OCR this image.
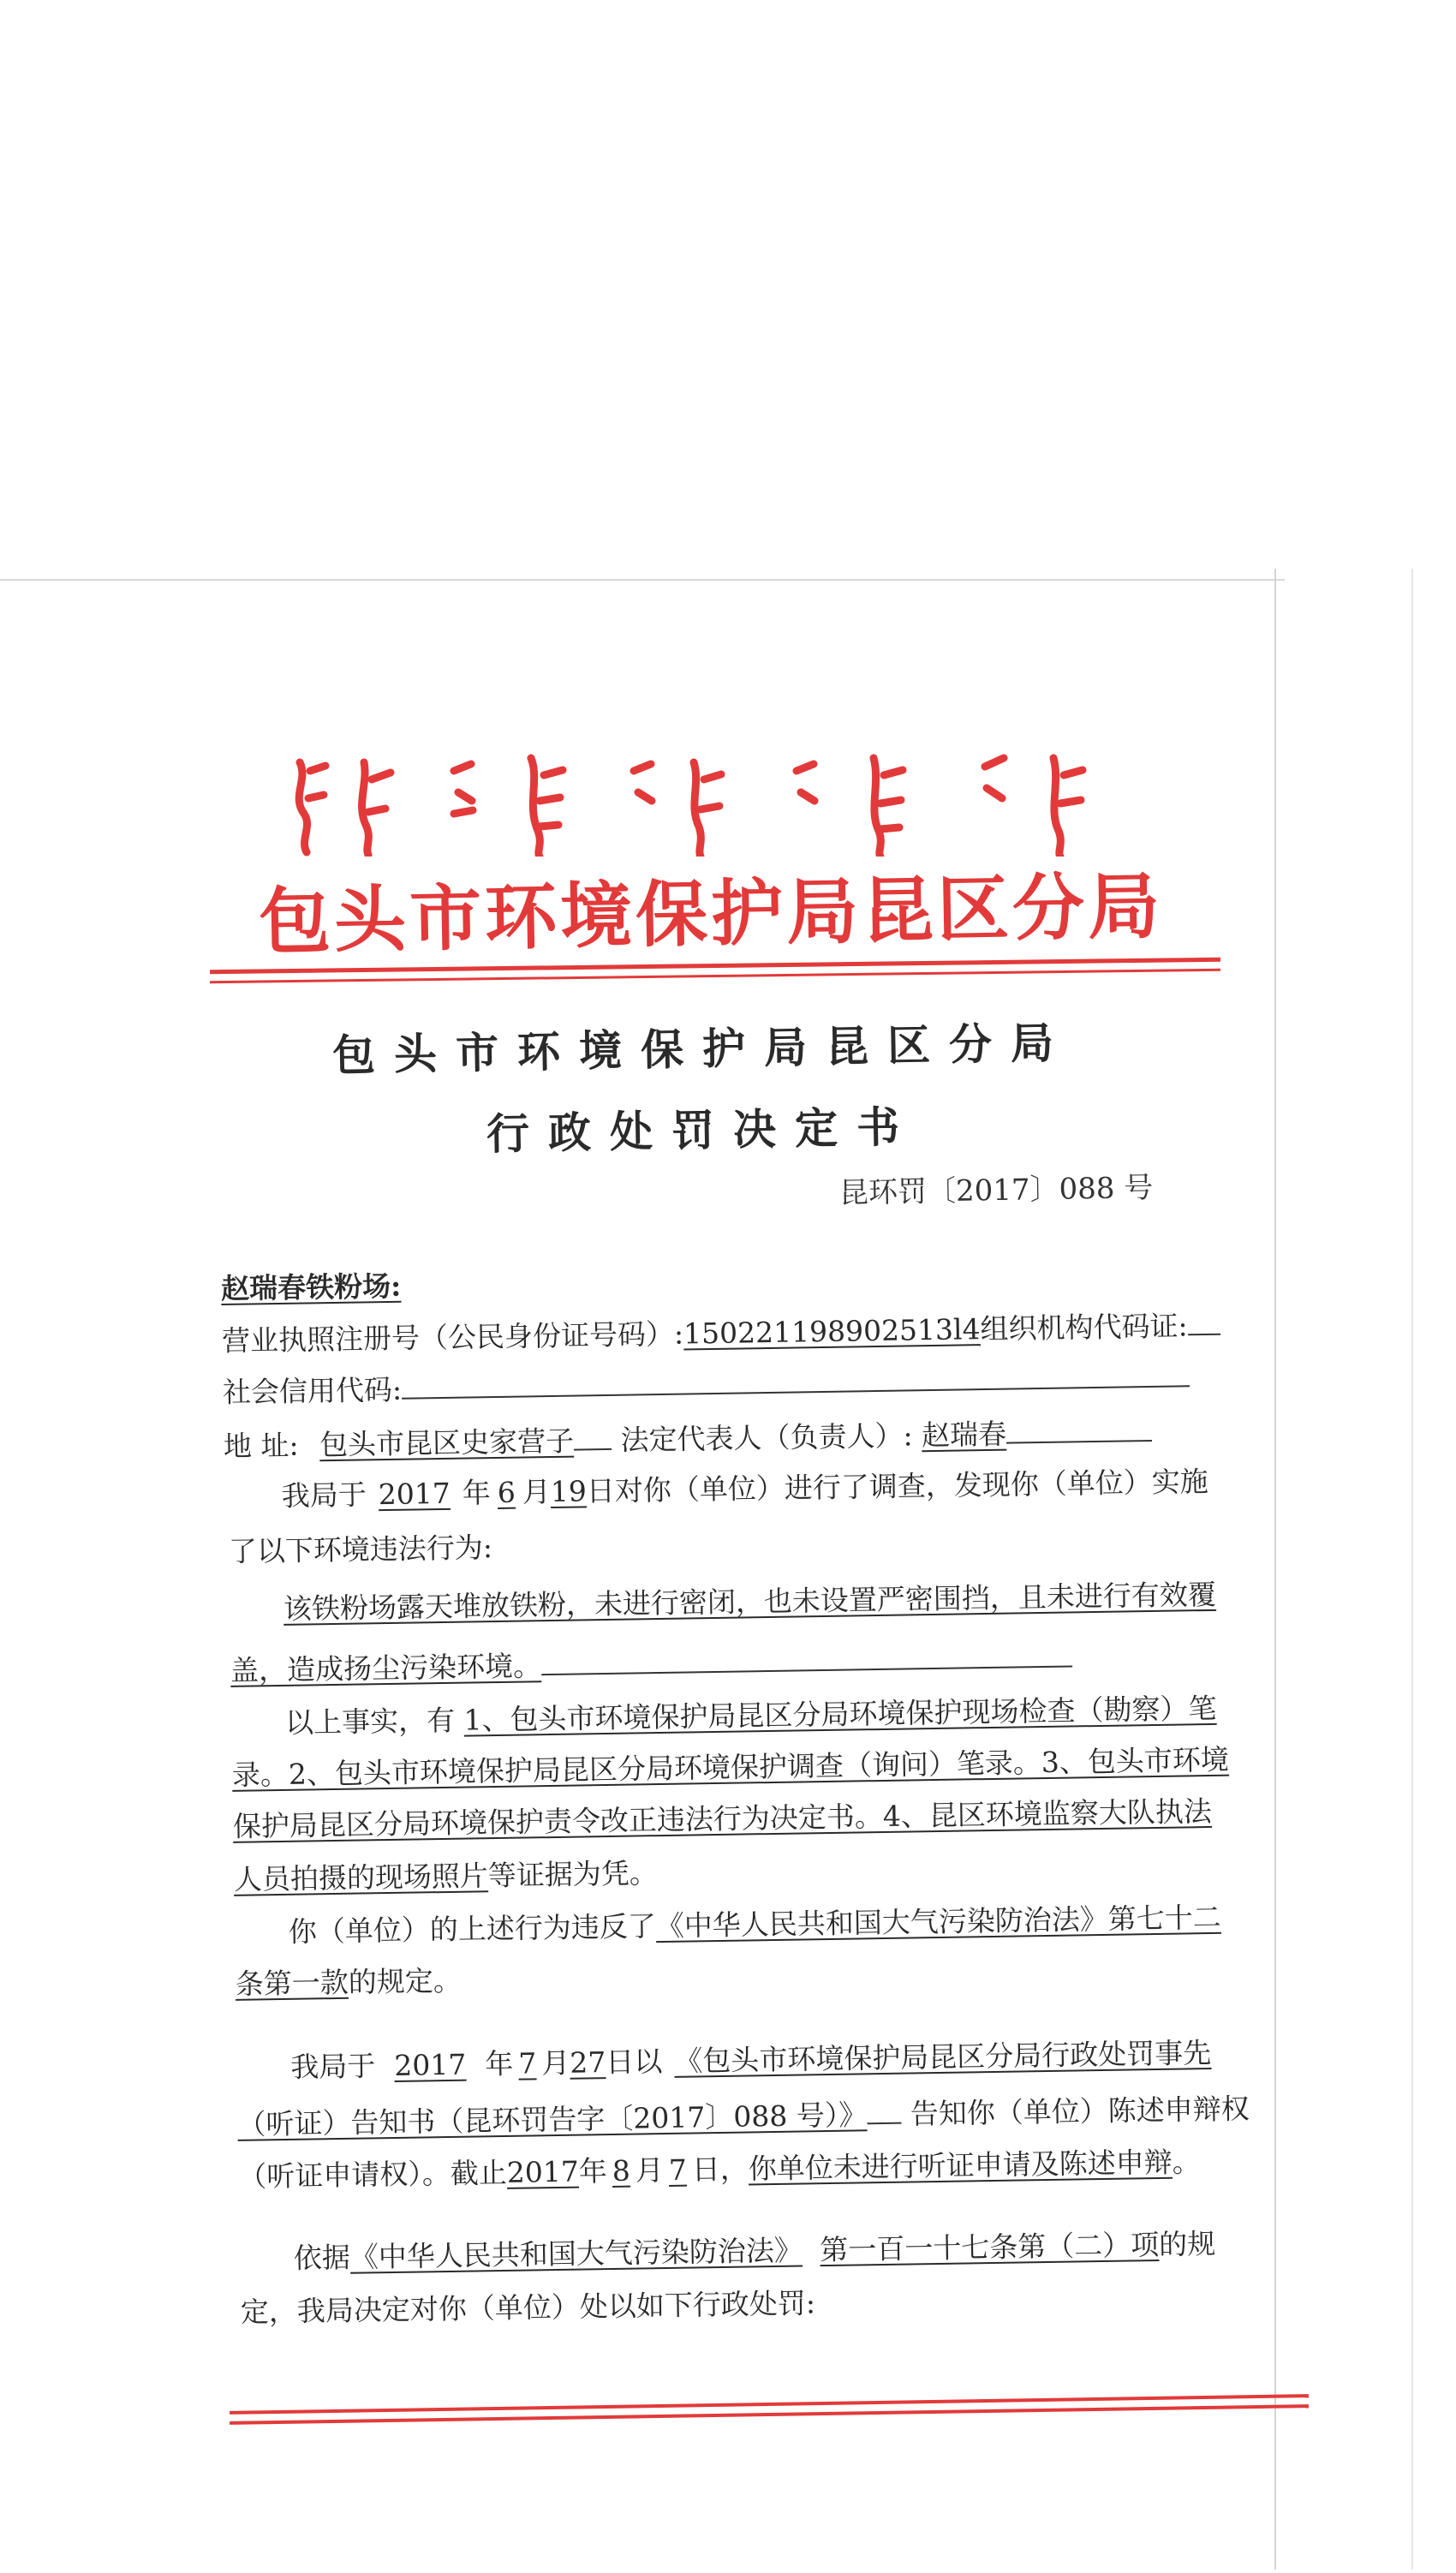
包头市环境保护局昆区分局
包头市环境保护局昆区分局
行政处罚决定书
昆环罚〔2017〕088 号
赵瑞春铁粉场:
营业执照注册号（公民身份证号码）:150221198902513l4组织机构代码证:
社会信用代码:
地 址: 包头市昆区史家营子 法定代表人（负责人）: 赵瑞春
我局于 2017 年 6 月19日对你（单位）进行了调查，发现你（单位）实施
了以下环境违法行为:
该铁粉场露天堆放铁粉，未进行密闭，也未设置严密围挡，且未进行有效覆
盖，造成扬尘污染环境。
以上事实，有 1、包头市环境保护局昆区分局环境保护现场检查（勘察）笔
录。2、包头市环境保护局昆区分局环境保护调查（询问）笔录。3、包头市环境
保护局昆区分局环境保护责令改正违法行为决定书。4、昆区环境监察大队执法
人员拍摄的现场照片等证据为凭。
你（单位）的上述行为违反了《中华人民共和国大气污染防治法》第七十二
条第一款的规定。
我局于 2017 年 7 月27日以 《包头市环境保护局昆区分局行政处罚事先
（听证）告知书（昆环罚告字〔2017〕088 号）》 告知你（单位）陈述申辩权
（听证申请权）。截止2017年 8 月 7 日，你单位未进行听证申请及陈述申辩。
依据《中华人民共和国大气污染防治法》 第一百一十七条第（二）项的规
定，我局决定对你（单位）处以如下行政处罚:
